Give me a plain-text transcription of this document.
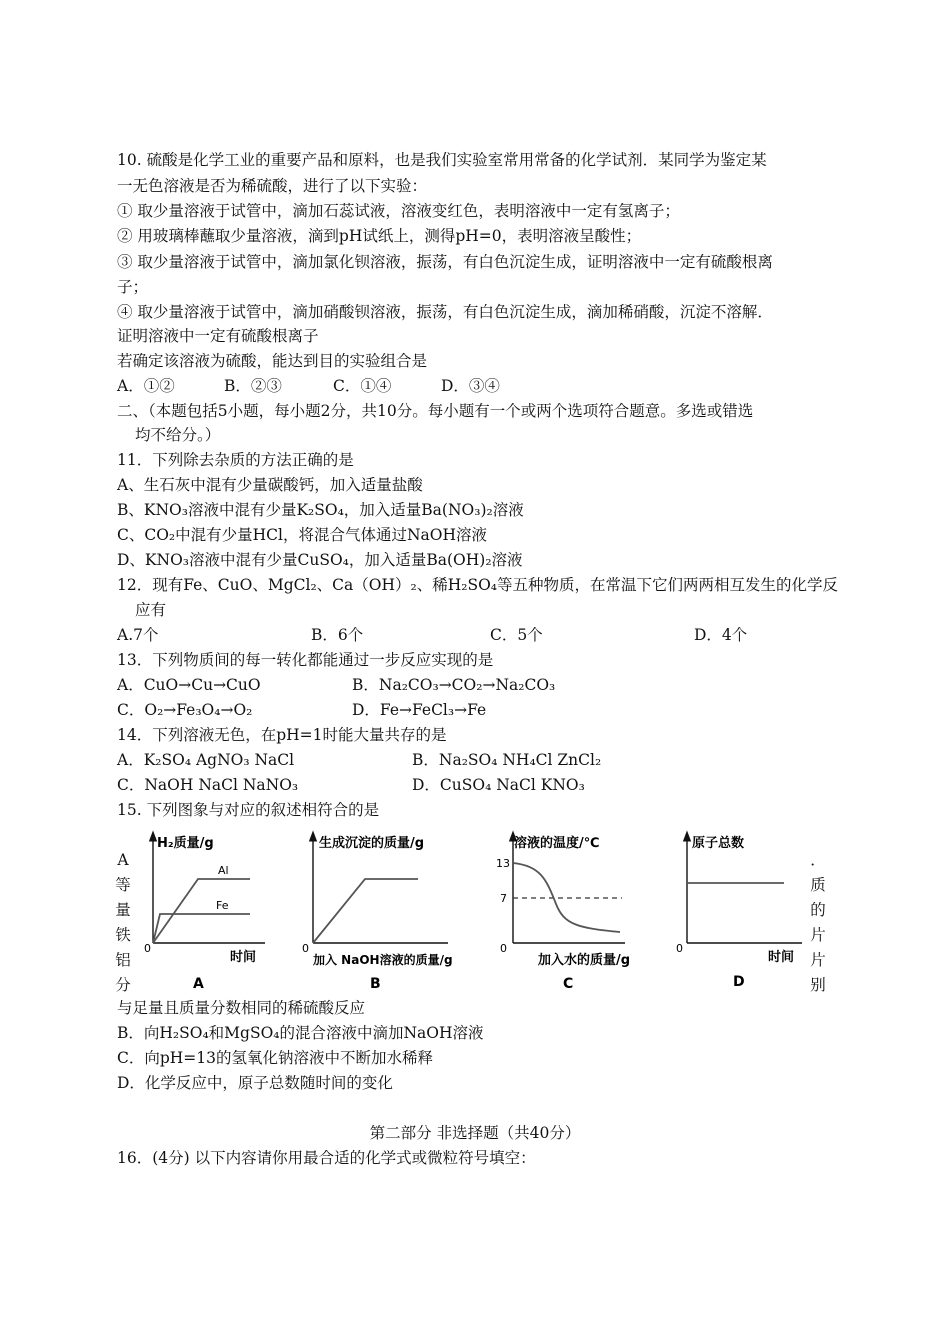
10. 硫酸是化学工业的重要产品和原料，也是我们实验室常用常备的化学试剂．某同学为鉴定某
一无色溶液是否为稀硫酸，进行了以下实验：
① 取少量溶液于试管中，滴加石蕊试液，溶液变红色，表明溶液中一定有氢离子；
② 用玻璃棒蘸取少量溶液，滴到pH试纸上，测得pH=0，表明溶液呈酸性；
③ 取少量溶液于试管中，滴加氯化钡溶液，振荡，有白色沉淀生成，证明溶液中一定有硫酸根离
子；
④ 取少量溶液于试管中，滴加硝酸钡溶液，振荡，有白色沉淀生成，滴加稀硝酸，沉淀不溶解．
证明溶液中一定有硫酸根离子
若确定该溶液为硫酸，能达到目的实验组合是
A．①②	B．②③	C．①④	D．③④
二、（本题包括5小题，每小题2分，共10分。每小题有一个或两个选项符合题意。多选或错选
均不给分。）
11．下列除去杂质的方法正确的是
A、生石灰中混有少量碳酸钙，加入适量盐酸
B、KNO₃溶液中混有少量K₂SO₄，加入适量Ba(NO₃)₂溶液
C、CO₂中混有少量HCl，将混合气体通过NaOH溶液
D、KNO₃溶液中混有少量CuSO₄，加入适量Ba(OH)₂溶液
12．现有Fe、CuO、MgCl₂、Ca（OH）₂、稀H₂SO₄等五种物质，在常温下它们两两相互发生的化学反
应有
A.7个	B．6个	C．5个	D．4个
13．下列物质间的每一转化都能通过一步反应实现的是
A．CuO→Cu→CuO	B．Na₂CO₃→CO₂→Na₂CO₃
C．O₂→Fe₃O₄→O₂	D．Fe→FeCl₃→Fe
14．下列溶液无色，在pH=1时能大量共存的是
A．K₂SO₄ AgNO₃ NaCl	B．Na₂SO₄ NH₄Cl ZnCl₂
C．NaOH NaCl NaNO₃	D．CuSO₄ NaCl KNO₃
15. 下列图象与对应的叙述相符合的是
A
等
量
铁
铝
分
．
质
的
片
片
别
H₂质量/g
Al
Fe
0
时间
A
生成沉淀的质量/g
0
加入 NaOH溶液的质量/g
B
溶液的温度/℃
13
7
0
加入水的质量/g
C
原子总数
0
时间
D
与足量且质量分数相同的稀硫酸反应
B．向H₂SO₄和MgSO₄的混合溶液中滴加NaOH溶液
C．向pH=13的氢氧化钠溶液中不断加水稀释
D．化学反应中，原子总数随时间的变化
第二部分 非选择题（共40分）
16．(4分) 以下内容请你用最合适的化学式或微粒符号填空：
